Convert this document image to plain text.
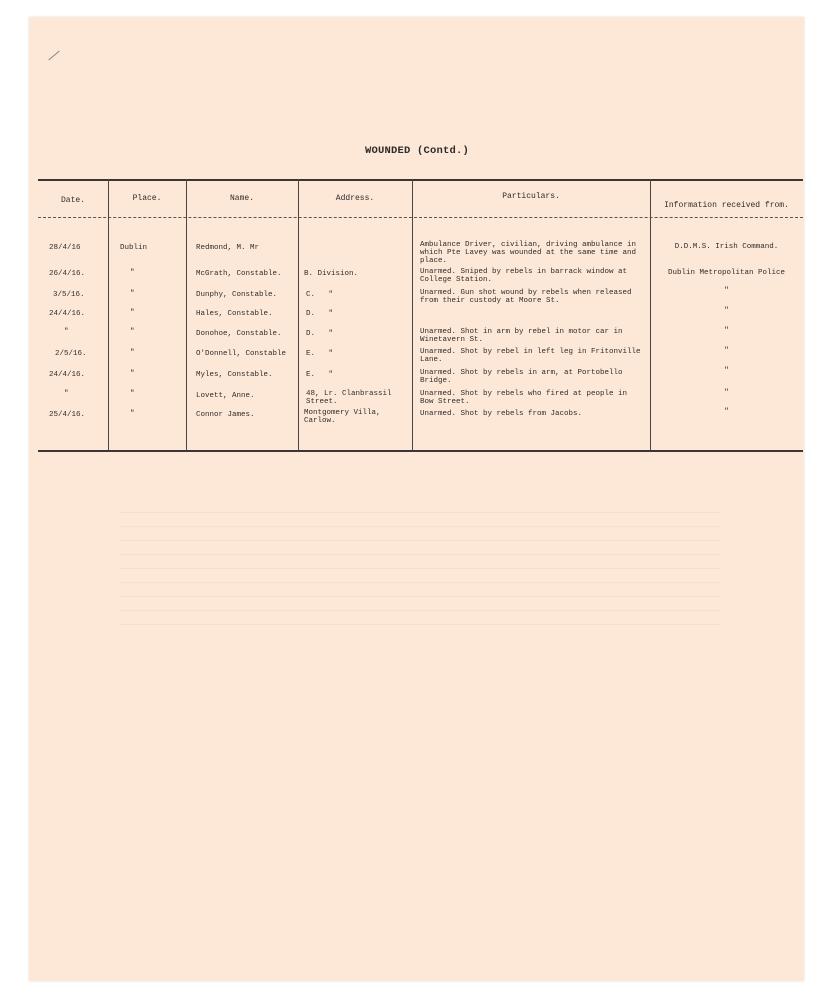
WOUNDED (Contd.)
Date.	Place.	Name.	Address.	Particulars.
Information received from.
28/4/16	Dublin	Redmond, M. Mr	Ambulance Driver, civilian, driving ambulance in which Pte Lavey was wounded at the same time and place.
D.D.M.S. Irish Command.
26/4/16.	"	McGrath, Constable.	B. Division.	Unarmed. Sniped by rebels in barrack window at College Station.
Dublin Metropolitan Police
3/5/16.	"	Dunphy, Constable.	C.   "	Unarmed. Gun shot wound by rebels when released from their custody at Moore St.
"
24/4/16.	"	Hales, Constable.	D.   "	"
"	"	Donohoe, Constable.	D.   "	Unarmed. Shot in arm by rebel in motor car in Winetavern St.
"
2/5/16.	"	O'Donnell, Constable	E.   "	Unarmed. Shot by rebel in left leg in Fritonville Lane.
"
24/4/16.	"	Myles, Constable.	E.   "	Unarmed. Shot by rebels in arm, at Portobello Bridge.
"
"	"	Lovett, Anne.	48, Lr. Clanbrassil Street.
Unarmed. Shot by rebels who fired at people in Bow Street.
"
25/4/16.	"	Connor James.	Montgomery Villa, Carlow.
Unarmed. Shot by rebels from Jacobs.	"
